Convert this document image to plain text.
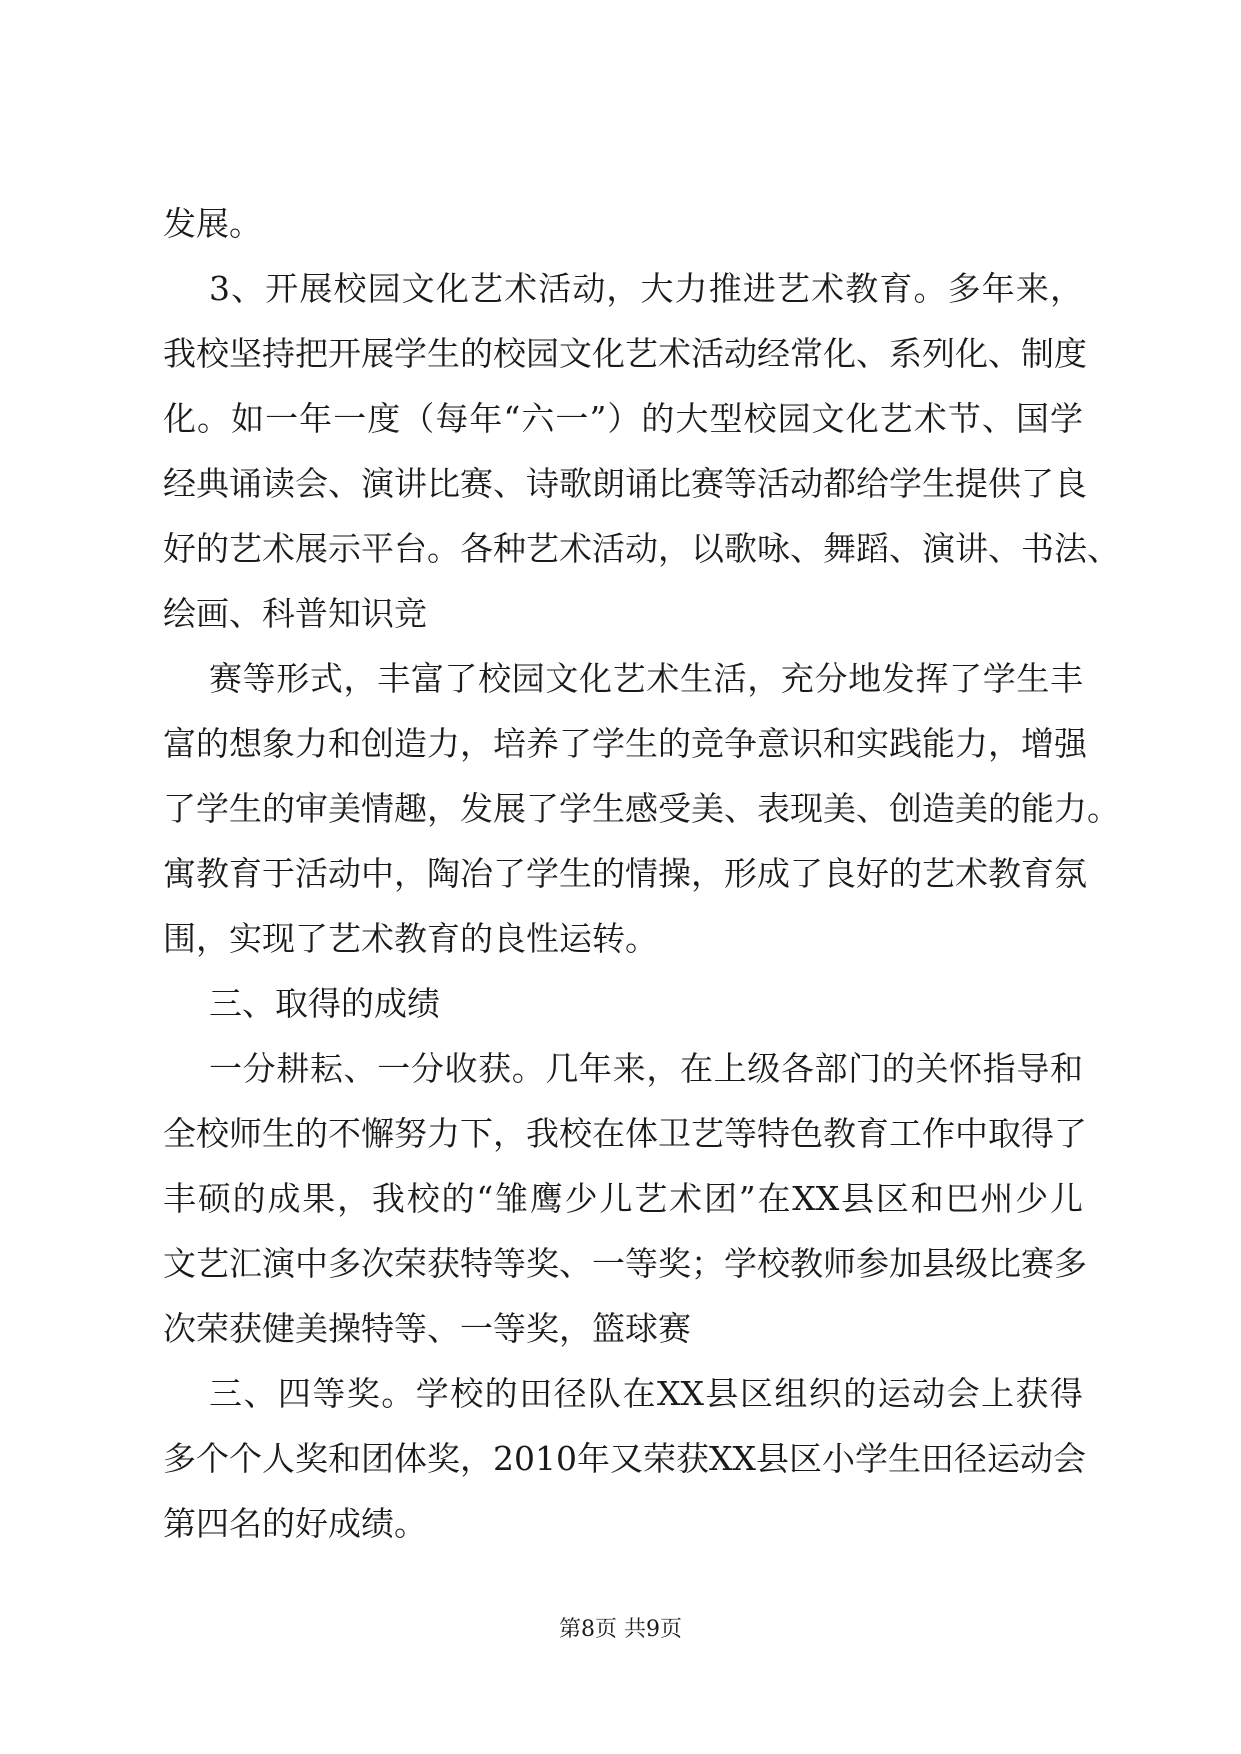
发展。
3、开展校园文化艺术活动，大力推进艺术教育。多年来，
我校坚持把开展学生的校园文化艺术活动经常化、系列化、制度
化。如一年一度（每年“六一”）的大型校园文化艺术节、国学
经典诵读会、演讲比赛、诗歌朗诵比赛等活动都给学生提供了良
好的艺术展示平台。各种艺术活动，以歌咏、舞蹈、演讲、书法、
绘画、科普知识竞
赛等形式，丰富了校园文化艺术生活，充分地发挥了学生丰
富的想象力和创造力，培养了学生的竞争意识和实践能力，增强
了学生的审美情趣，发展了学生感受美、表现美、创造美的能力。
寓教育于活动中，陶冶了学生的情操，形成了良好的艺术教育氛
围，实现了艺术教育的良性运转。
三、取得的成绩
一分耕耘、一分收获。几年来，在上级各部门的关怀指导和
全校师生的不懈努力下，我校在体卫艺等特色教育工作中取得了
丰硕的成果，我校的“雏鹰少儿艺术团”在XX县区和巴州少儿
文艺汇演中多次荣获特等奖、一等奖；学校教师参加县级比赛多
次荣获健美操特等、一等奖，篮球赛
三、四等奖。学校的田径队在XX县区组织的运动会上获得
多个个人奖和团体奖，2010年又荣获XX县区小学生田径运动会
第四名的好成绩。
第8页 共9页
